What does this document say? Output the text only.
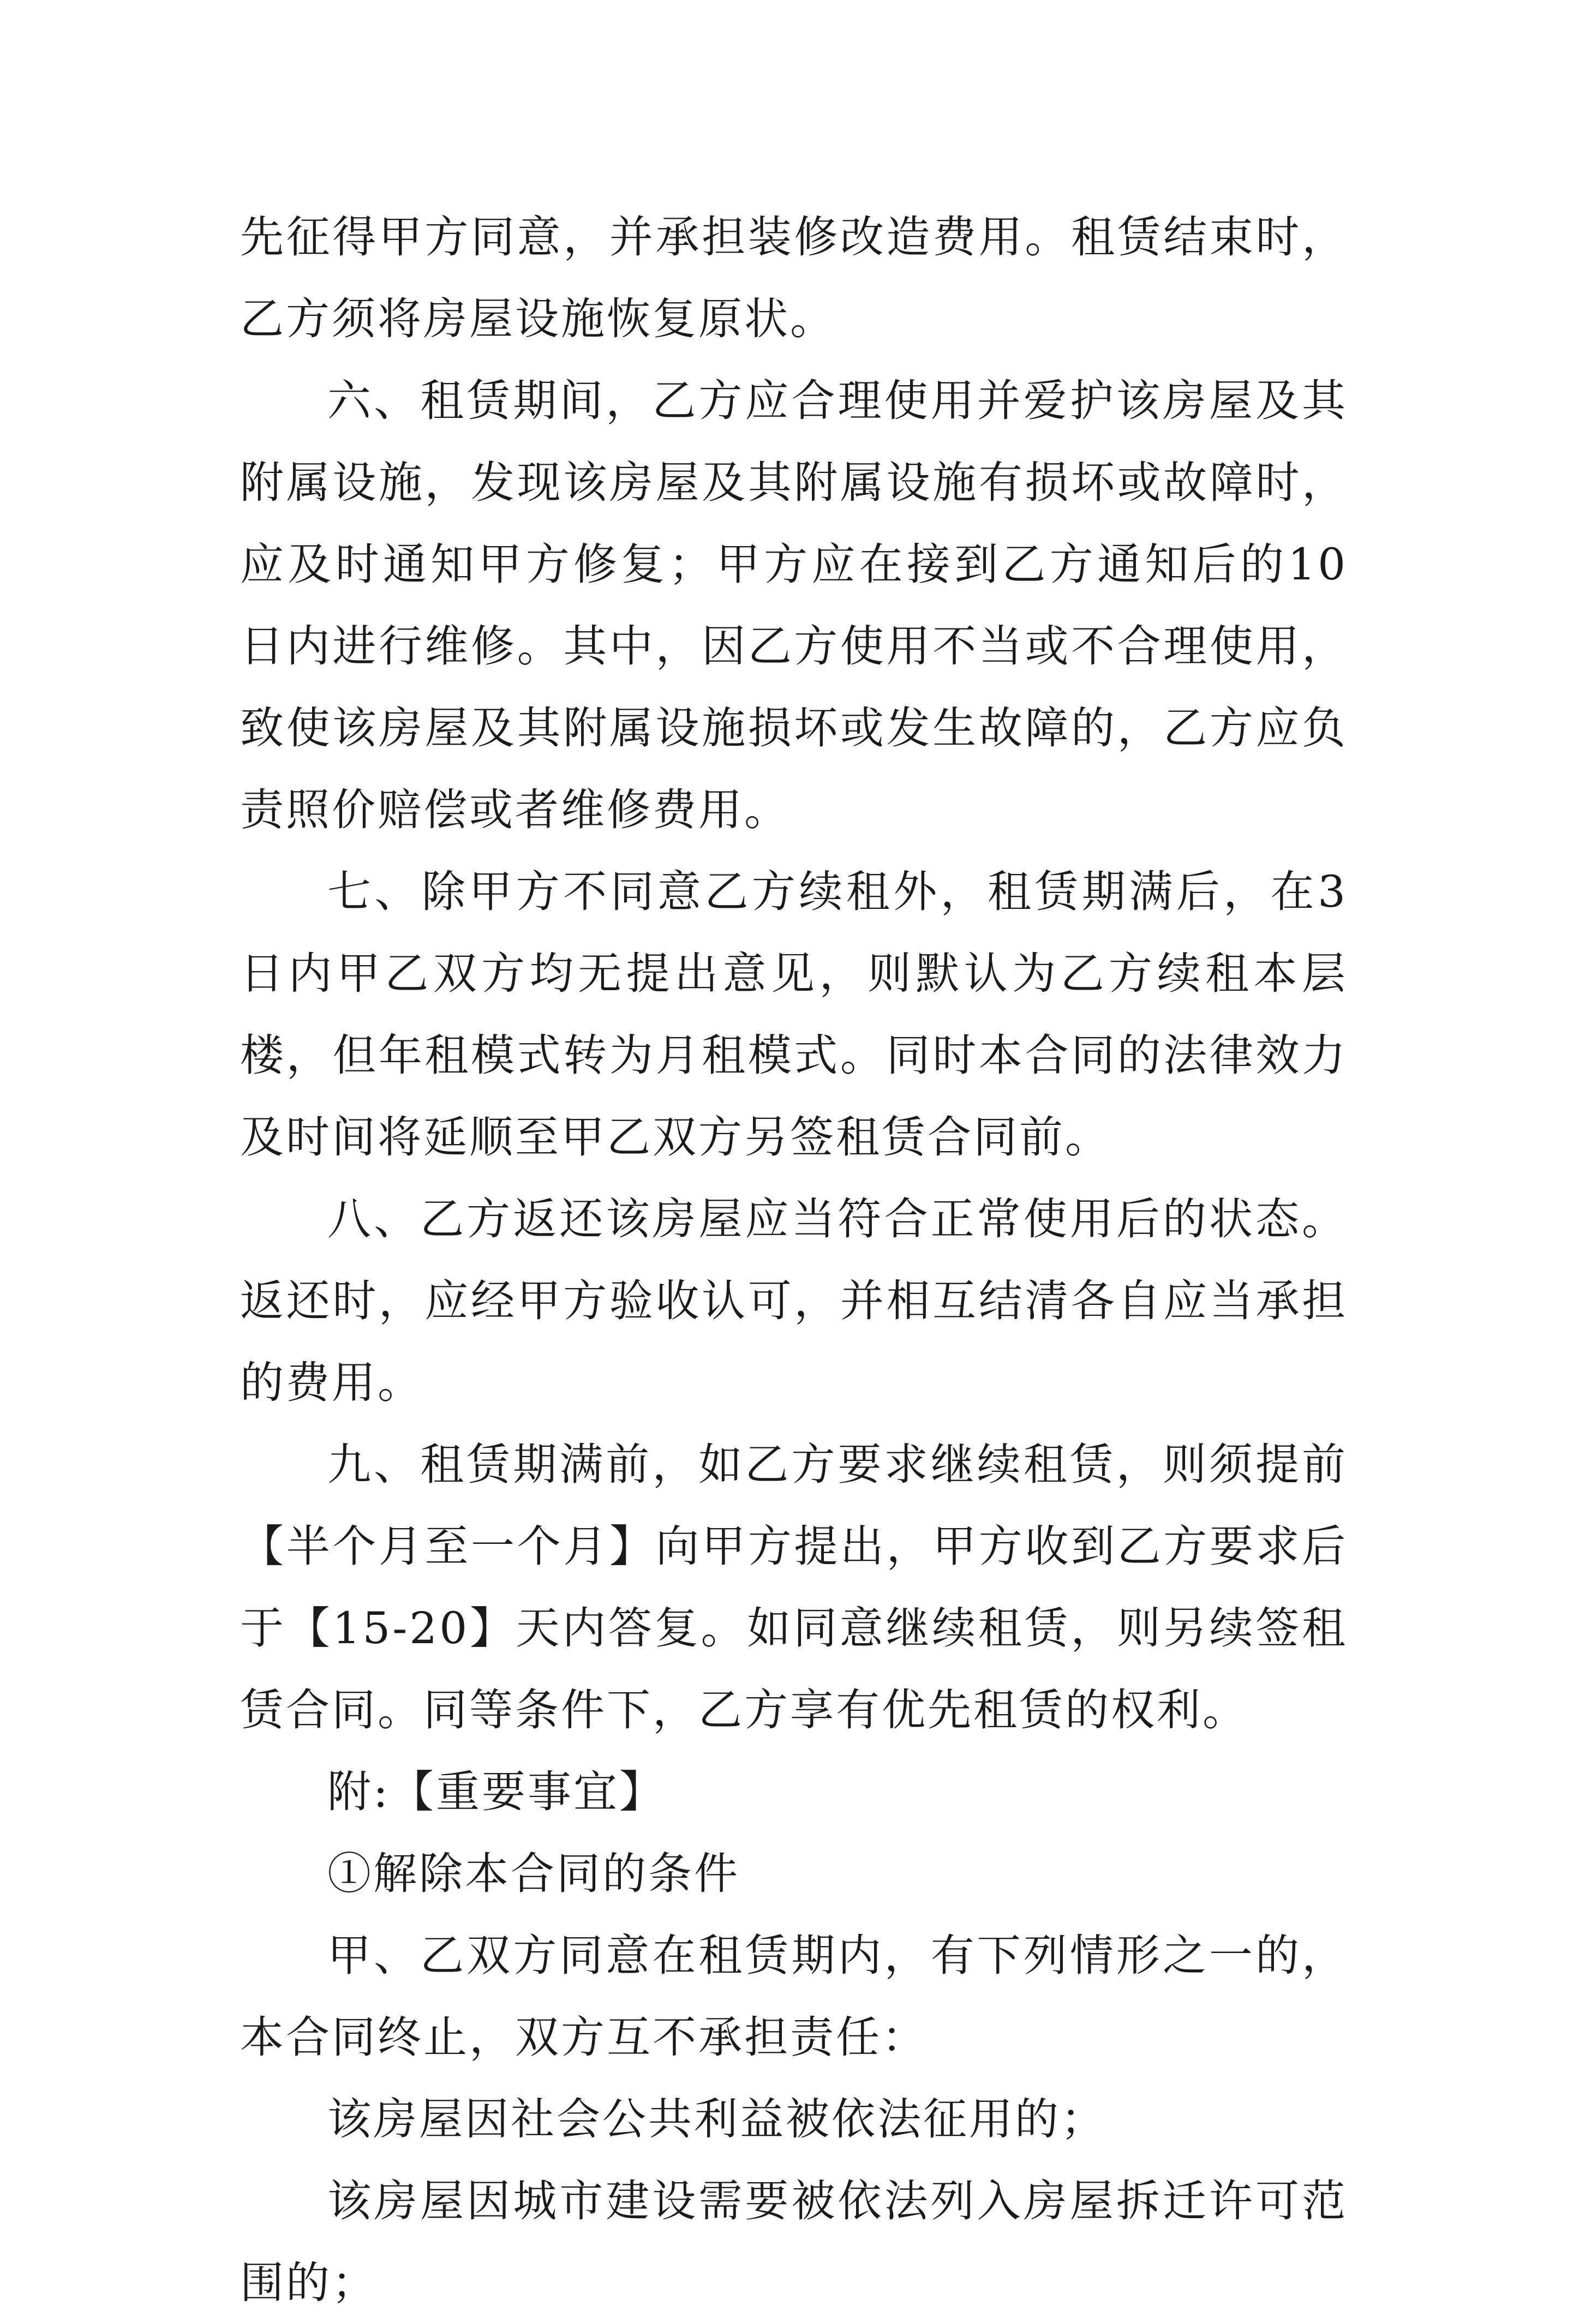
先征得甲方同意，并承担装修改造费用。租赁结束时，乙方须将房屋设施恢复原状。

六、租赁期间，乙方应合理使用并爱护该房屋及其附属设施，发现该房屋及其附属设施有损坏或故障时，应及时通知甲方修复；甲方应在接到乙方通知后的10日内进行维修。其中，因乙方使用不当或不合理使用，致使该房屋及其附属设施损坏或发生故障的，乙方应负责照价赔偿或者维修费用。

七、除甲方不同意乙方续租外，租赁期满后，在3日内甲乙双方均无提出意见，则默认为乙方续租本层楼，但年租模式转为月租模式。同时本合同的法律效力及时间将延顺至甲乙双方另签租赁合同前。

八、乙方返还该房屋应当符合正常使用后的状态。返还时，应经甲方验收认可，并相互结清各自应当承担的费用。

九、租赁期满前，如乙方要求继续租赁，则须提前【半个月至一个月】向甲方提出，甲方收到乙方要求后于【15-20】天内答复。如同意继续租赁，则另续签租赁合同。同等条件下，乙方享有优先租赁的权利。

附:【重要事宜】

①解除本合同的条件

甲、乙双方同意在租赁期内，有下列情形之一的，本合同终止，双方互不承担责任：

该房屋因社会公共利益被依法征用的；

该房屋因城市建设需要被依法列入房屋拆迁许可范围的；
